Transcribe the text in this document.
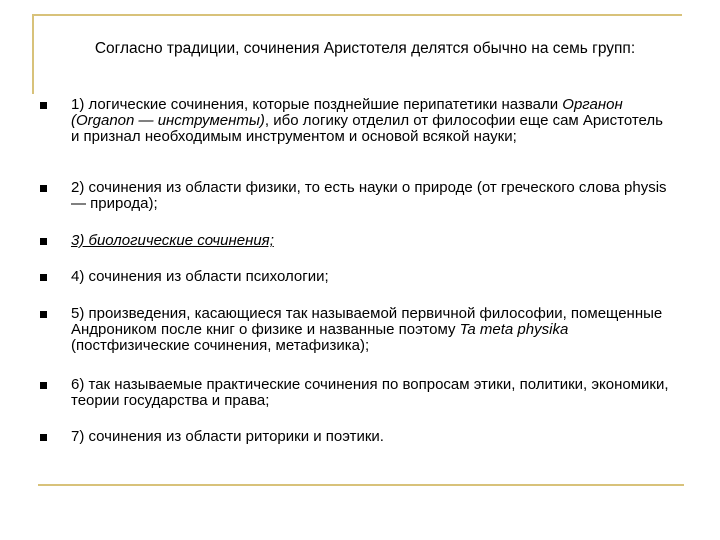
Согласно традиции, сочинения Аристотеля делятся обычно на семь групп:
1) логические сочинения, которые позднейшие перипатетики назвали Органон (Organon — инструменты), ибо логику отделил от философии еще сам Аристотель и признал необходимым инструментом и основой всякой науки;
2) сочинения из области физики, то есть науки о природе (от греческого слова physis — природа);
3) биологические сочинения;
4) сочинения из области психологии;
5) произведения, касающиеся так называемой первичной философии, помещенные Андроником после книг о физике и названные поэтому Ta meta physika (постфизические сочинения, метафизика);
6) так называемые практические сочинения по вопросам этики, политики, экономики, теории государства и права;
7) сочинения из области риторики и поэтики.
